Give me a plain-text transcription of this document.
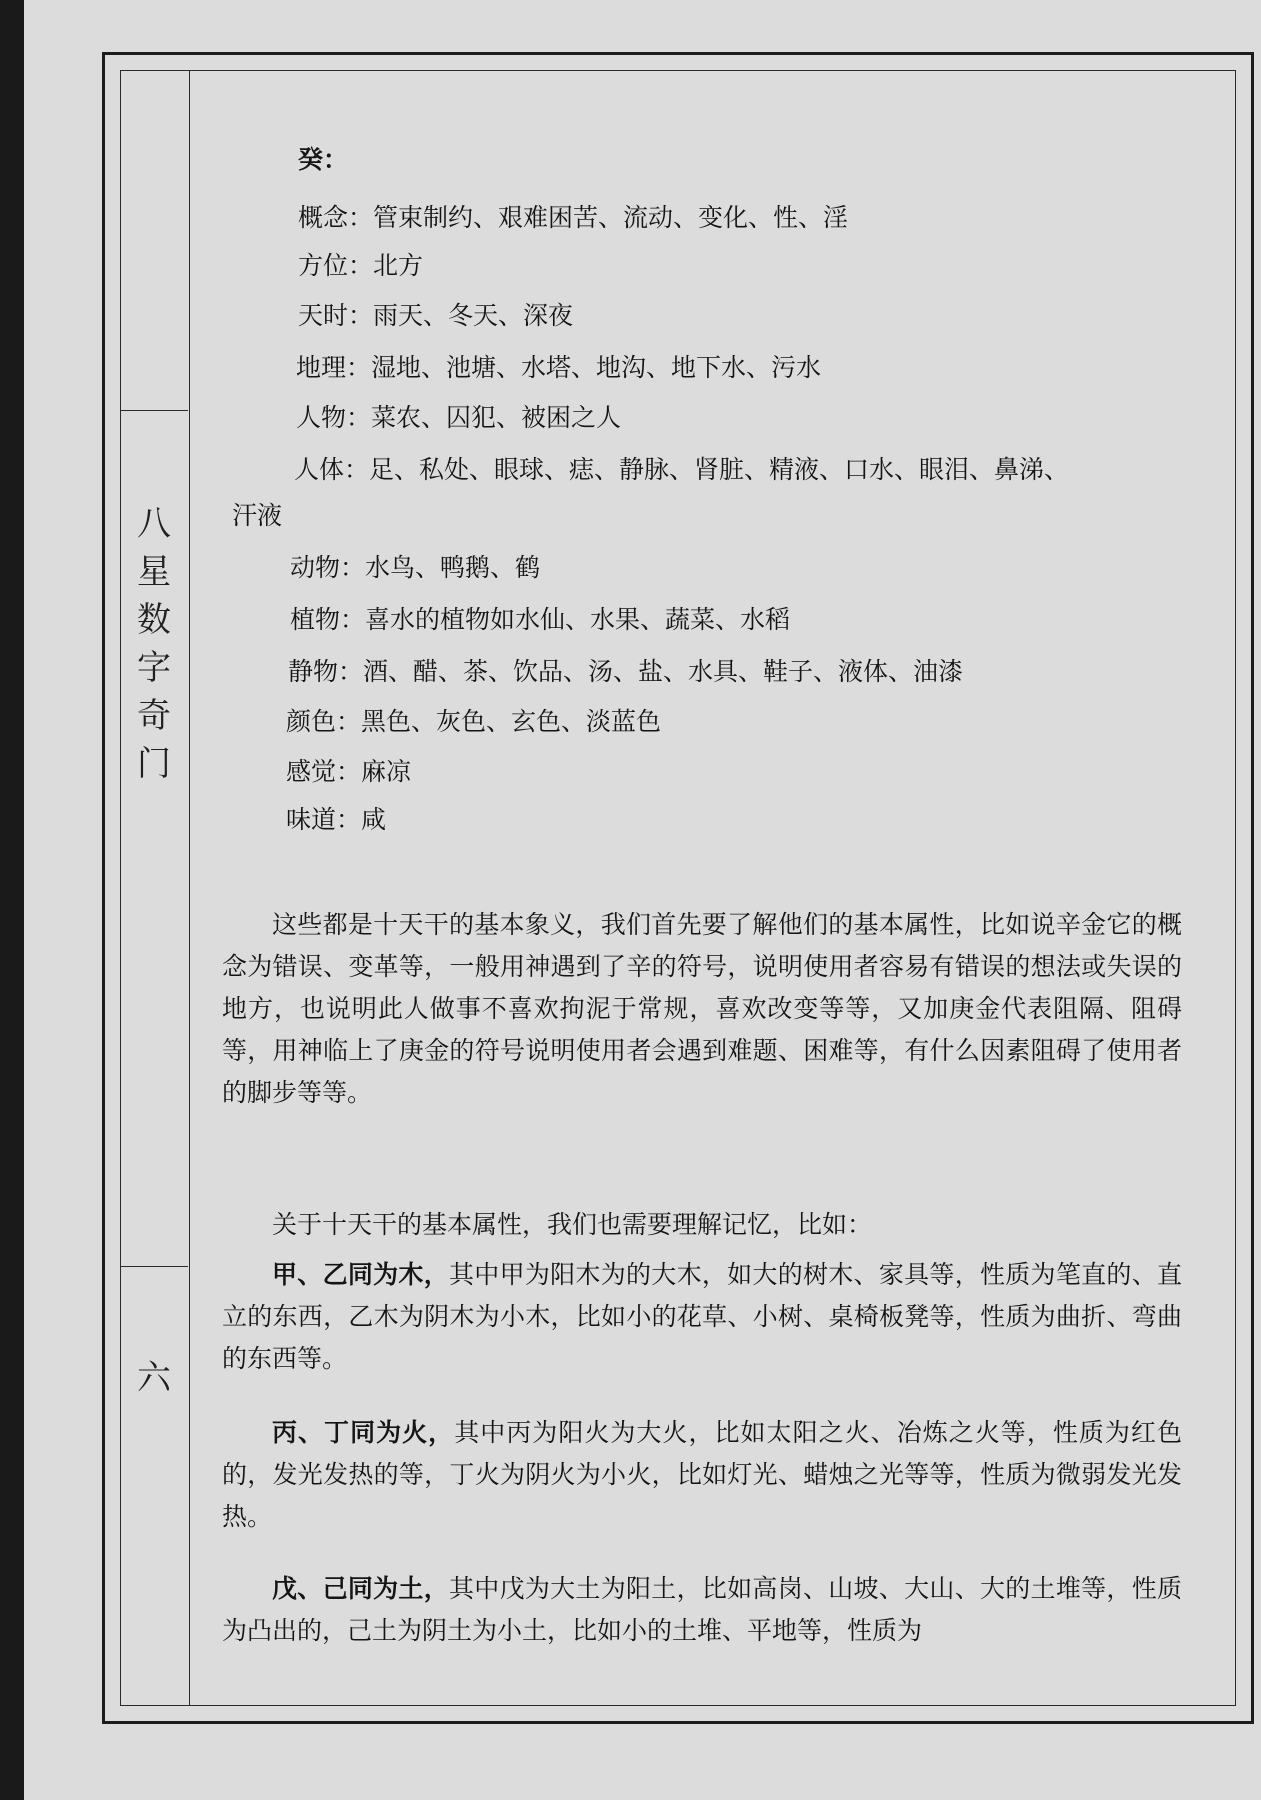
八
星
数
字
奇
门
六
癸：
概念：管束制约、艰难困苦、流动、变化、性、淫
方位：北方
天时：雨天、冬天、深夜
地理：湿地、池塘、水塔、地沟、地下水、污水
人物：菜农、囚犯、被困之人
人体：足、私处、眼球、痣、静脉、肾脏、精液、口水、眼泪、鼻涕、
汗液
动物：水鸟、鸭鹅、鹤
植物：喜水的植物如水仙、水果、蔬菜、水稻
静物：酒、醋、茶、饮品、汤、盐、水具、鞋子、液体、油漆
颜色：黑色、灰色、玄色、淡蓝色
感觉：麻凉
味道：咸
这些都是十天干的基本象义，我们首先要了解他们的基本属性，比如说辛金它的概念为错误、变革等，一般用神遇到了辛的符号，说明使用者容易有错误的想法或失误的地方，也说明此人做事不喜欢拘泥于常规，喜欢改变等等，又加庚金代表阻隔、阻碍等，用神临上了庚金的符号说明使用者会遇到难题、困难等，有什么因素阻碍了使用者的脚步等等。
关于十天干的基本属性，我们也需要理解记忆，比如：
甲、乙同为木，其中甲为阳木为的大木，如大的树木、家具等，性质为笔直的、直立的东西，乙木为阴木为小木，比如小的花草、小树、桌椅板凳等，性质为曲折、弯曲的东西等。
丙、丁同为火，其中丙为阳火为大火，比如太阳之火、冶炼之火等，性质为红色的，发光发热的等，丁火为阴火为小火，比如灯光、蜡烛之光等等，性质为微弱发光发热。
戊、己同为土，其中戊为大土为阳土，比如高岗、山坡、大山、大的土堆等，性质为凸出的，己土为阴土为小土，比如小的土堆、平地等，性质为
